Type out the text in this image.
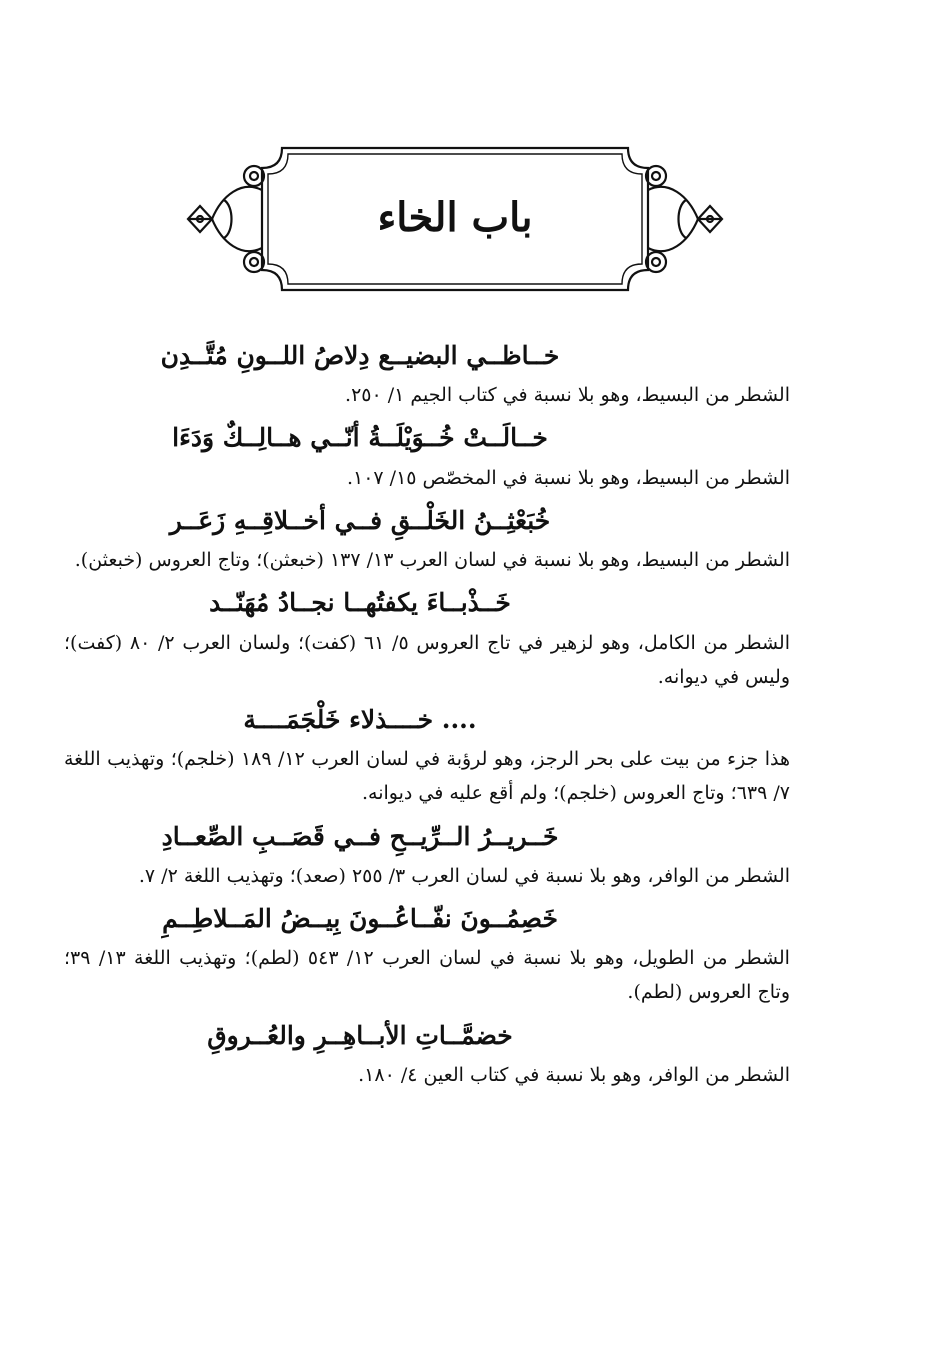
باب الخاء
خــاظــي البضيــع دِلاصُ اللــونِ مُتَّــدِن
الشطر من البسيط، وهو بلا نسبة في كتاب الجيم ١/ ٢٥٠.
خــالَــتْ خُــوَيْلَــةُ أنّــي هــالِــكٌ وَدَءَا
الشطر من البسيط، وهو بلا نسبة في المخصّص ١٥/ ١٠٧.
خُبَعْثِــنُ الخَلْــقِ فــي أخــلاقِــهِ زَعَــر
الشطر من البسيط، وهو بلا نسبة في لسان العرب ١٣/ ١٣٧ (خبعثن)؛ وتاج العروس (خبعثن).
خَــذْبــاءَ يكفتُهــا نجــادُ مُهَنّــد
الشطر من الكامل، وهو لزهير في تاج العروس ٥/ ٦١ (كفت)؛ ولسان العرب ٢/ ٨٠ (كفت)؛ وليس في ديوانه.
.... خــــذلاء خَلْجَمَــــة
هذا جزء من بيت على بحر الرجز، وهو لرؤبة في لسان العرب ١٢/ ١٨٩ (خلجم)؛ وتهذيب اللغة ٧/ ٦٣٩؛ وتاج العروس (خلجم)؛ ولم أقع عليه في ديوانه.
خَــريــرُ الــرِّيــحِ فــي قَصَــبِ الصِّعــادِ
الشطر من الوافر، وهو بلا نسبة في لسان العرب ٣/ ٢٥٥ (صعد)؛ وتهذيب اللغة ٢/ ٧.
خَصِمُــونَ نفّــاعُــونَ بِيــضُ المَــلاطِــمِ
الشطر من الطويل، وهو بلا نسبة في لسان العرب ١٢/ ٥٤٣ (لطم)؛ وتهذيب اللغة ١٣/ ٣٩؛ وتاج العروس (لطم).
خضمَّــاتِ الأبــاهِــرِ والعُــروقِ
الشطر من الوافر، وهو بلا نسبة في كتاب العين ٤/ ١٨٠.
